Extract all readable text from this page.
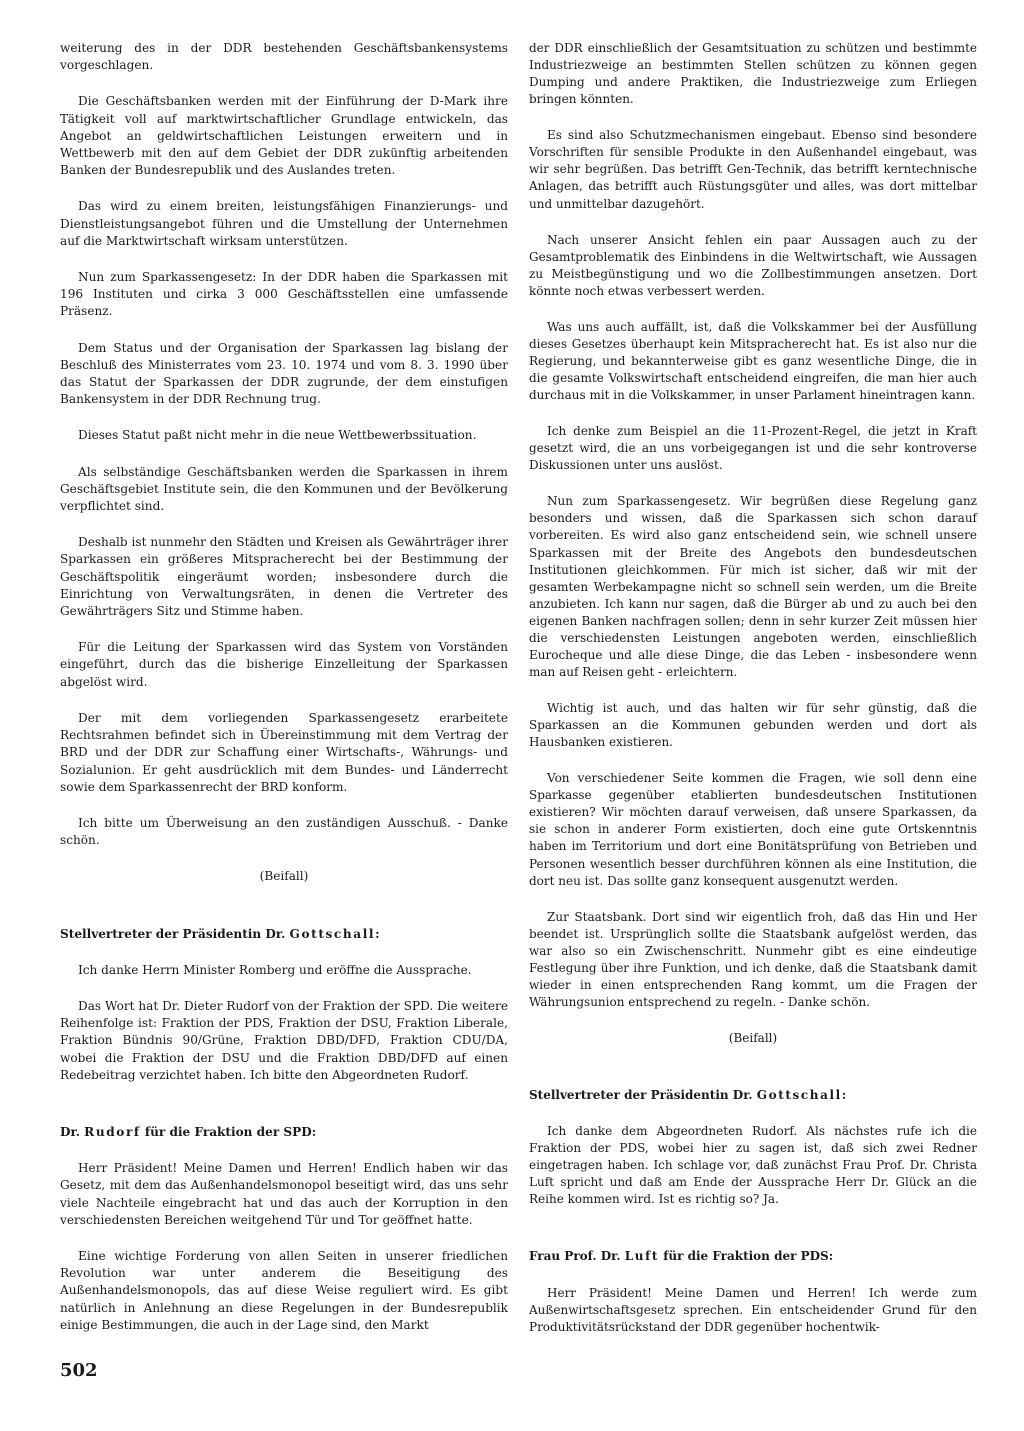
weiterung des in der DDR bestehenden Geschäftsbankensystems vorgeschlagen.

Die Geschäftsbanken werden mit der Einführung der D-Mark ihre Tätigkeit voll auf marktwirtschaftlicher Grundlage entwickeln, das Angebot an geldwirtschaftlichen Leistungen erweitern und in Wettbewerb mit den auf dem Gebiet der DDR zukünftig arbeitenden Banken der Bundesrepublik und des Auslandes treten.

Das wird zu einem breiten, leistungsfähigen Finanzierungs- und Dienstleistungsangebot führen und die Umstellung der Unternehmen auf die Marktwirtschaft wirksam unterstützen.

Nun zum Sparkassengesetz: In der DDR haben die Sparkassen mit 196 Instituten und cirka 3 000 Geschäftsstellen eine umfassende Präsenz.

Dem Status und der Organisation der Sparkassen lag bislang der Beschluß des Ministerrates vom 23. 10. 1974 und vom 8. 3. 1990 über das Statut der Sparkassen der DDR zugrunde, der dem einstufigen Bankensystem in der DDR Rechnung trug.

Dieses Statut paßt nicht mehr in die neue Wettbewerbssituation.

Als selbständige Geschäftsbanken werden die Sparkassen in ihrem Geschäftsgebiet Institute sein, die den Kommunen und der Bevölkerung verpflichtet sind.

Deshalb ist nunmehr den Städten und Kreisen als Gewährträger ihrer Sparkassen ein größeres Mitspracherecht bei der Bestimmung der Geschäftspolitik eingeräumt worden; insbesondere durch die Einrichtung von Verwaltungsräten, in denen die Vertreter des Gewährträgers Sitz und Stimme haben.

Für die Leitung der Sparkassen wird das System von Vorständen eingeführt, durch das die bisherige Einzelleitung der Sparkassen abgelöst wird.

Der mit dem vorliegenden Sparkassengesetz erarbeitete Rechtsrahmen befindet sich in Übereinstimmung mit dem Vertrag der BRD und der DDR zur Schaffung einer Wirtschafts-, Währungs- und Sozialunion. Er geht ausdrücklich mit dem Bundes- und Länderrecht sowie dem Sparkassenrecht der BRD konform.

Ich bitte um Überweisung an den zuständigen Ausschuß. - Danke schön.

(Beifall)

Stellvertreter der Präsidentin Dr. Gottschall:

Ich danke Herrn Minister Romberg und eröffne die Aussprache.

Das Wort hat Dr. Dieter Rudorf von der Fraktion der SPD. Die weitere Reihenfolge ist: Fraktion der PDS, Fraktion der DSU, Fraktion Liberale, Fraktion Bündnis 90/Grüne, Fraktion DBD/DFD, Fraktion CDU/DA, wobei die Fraktion der DSU und die Fraktion DBD/DFD auf einen Redebeitrag verzichtet haben. Ich bitte den Abgeordneten Rudorf.

Dr. Rudorf für die Fraktion der SPD:

Herr Präsident! Meine Damen und Herren! Endlich haben wir das Gesetz, mit dem das Außenhandelsmonopol beseitigt wird, das uns sehr viele Nachteile eingebracht hat und das auch der Korruption in den verschiedensten Bereichen weitgehend Tür und Tor geöffnet hatte.

Eine wichtige Forderung von allen Seiten in unserer friedlichen Revolution war unter anderem die Beseitigung des Außenhandelsmonopols, das auf diese Weise reguliert wird. Es gibt natürlich in Anlehnung an diese Regelungen in der Bundesrepublik einige Bestimmungen, die auch in der Lage sind, den Markt

der DDR einschließlich der Gesamtsituation zu schützen und bestimmte Industriezweige an bestimmten Stellen schützen zu können gegen Dumping und andere Praktiken, die Industriezweige zum Erliegen bringen könnten.

Es sind also Schutzmechanismen eingebaut. Ebenso sind besondere Vorschriften für sensible Produkte in den Außenhandel eingebaut, was wir sehr begrüßen. Das betrifft Gen-Technik, das betrifft kerntechnische Anlagen, das betrifft auch Rüstungsgüter und alles, was dort mittelbar und unmittelbar dazugehört.

Nach unserer Ansicht fehlen ein paar Aussagen auch zu der Gesamtproblematik des Einbindens in die Weltwirtschaft, wie Aussagen zu Meistbegünstigung und wo die Zollbestimmungen ansetzen. Dort könnte noch etwas verbessert werden.

Was uns auch auffällt, ist, daß die Volkskammer bei der Ausfüllung dieses Gesetzes überhaupt kein Mitspracherecht hat. Es ist also nur die Regierung, und bekannterweise gibt es ganz wesentliche Dinge, die in die gesamte Volkswirtschaft entscheidend eingreifen, die man hier auch durchaus mit in die Volkskammer, in unser Parlament hineintragen kann.

Ich denke zum Beispiel an die 11-Prozent-Regel, die jetzt in Kraft gesetzt wird, die an uns vorbeigegangen ist und die sehr kontroverse Diskussionen unter uns auslöst.

Nun zum Sparkassengesetz. Wir begrüßen diese Regelung ganz besonders und wissen, daß die Sparkassen sich schon darauf vorbereiten. Es wird also ganz entscheidend sein, wie schnell unsere Sparkassen mit der Breite des Angebots den bundesdeutschen Institutionen gleichkommen. Für mich ist sicher, daß wir mit der gesamten Werbekampagne nicht so schnell sein werden, um die Breite anzubieten. Ich kann nur sagen, daß die Bürger ab und zu auch bei den eigenen Banken nachfragen sollen; denn in sehr kurzer Zeit müssen hier die verschiedensten Leistungen angeboten werden, einschließlich Eurocheque und alle diese Dinge, die das Leben - insbesondere wenn man auf Reisen geht - erleichtern.

Wichtig ist auch, und das halten wir für sehr günstig, daß die Sparkassen an die Kommunen gebunden werden und dort als Hausbanken existieren.

Von verschiedener Seite kommen die Fragen, wie soll denn eine Sparkasse gegenüber etablierten bundesdeutschen Institutionen existieren? Wir möchten darauf verweisen, daß unsere Sparkassen, da sie schon in anderer Form existierten, doch eine gute Ortskenntnis haben im Territorium und dort eine Bonitätsprüfung von Betrieben und Personen wesentlich besser durchführen können als eine Institution, die dort neu ist. Das sollte ganz konsequent ausgenutzt werden.

Zur Staatsbank. Dort sind wir eigentlich froh, daß das Hin und Her beendet ist. Ursprünglich sollte die Staatsbank aufgelöst werden, das war also so ein Zwischenschritt. Nunmehr gibt es eine eindeutige Festlegung über ihre Funktion, und ich denke, daß die Staatsbank damit wieder in einen entsprechenden Rang kommt, um die Fragen der Währungsunion entsprechend zu regeln. - Danke schön.

(Beifall)

Stellvertreter der Präsidentin Dr. Gottschall:

Ich danke dem Abgeordneten Rudorf. Als nächstes rufe ich die Fraktion der PDS, wobei hier zu sagen ist, daß sich zwei Redner eingetragen haben. Ich schlage vor, daß zunächst Frau Prof. Dr. Christa Luft spricht und daß am Ende der Aussprache Herr Dr. Glück an die Reihe kommen wird. Ist es richtig so? Ja.

Frau Prof. Dr. Luft für die Fraktion der PDS:

Herr Präsident! Meine Damen und Herren! Ich werde zum Außenwirtschaftsgesetz sprechen. Ein entscheidender Grund für den Produktivitätsrückstand der DDR gegenüber hochentwik-

502
